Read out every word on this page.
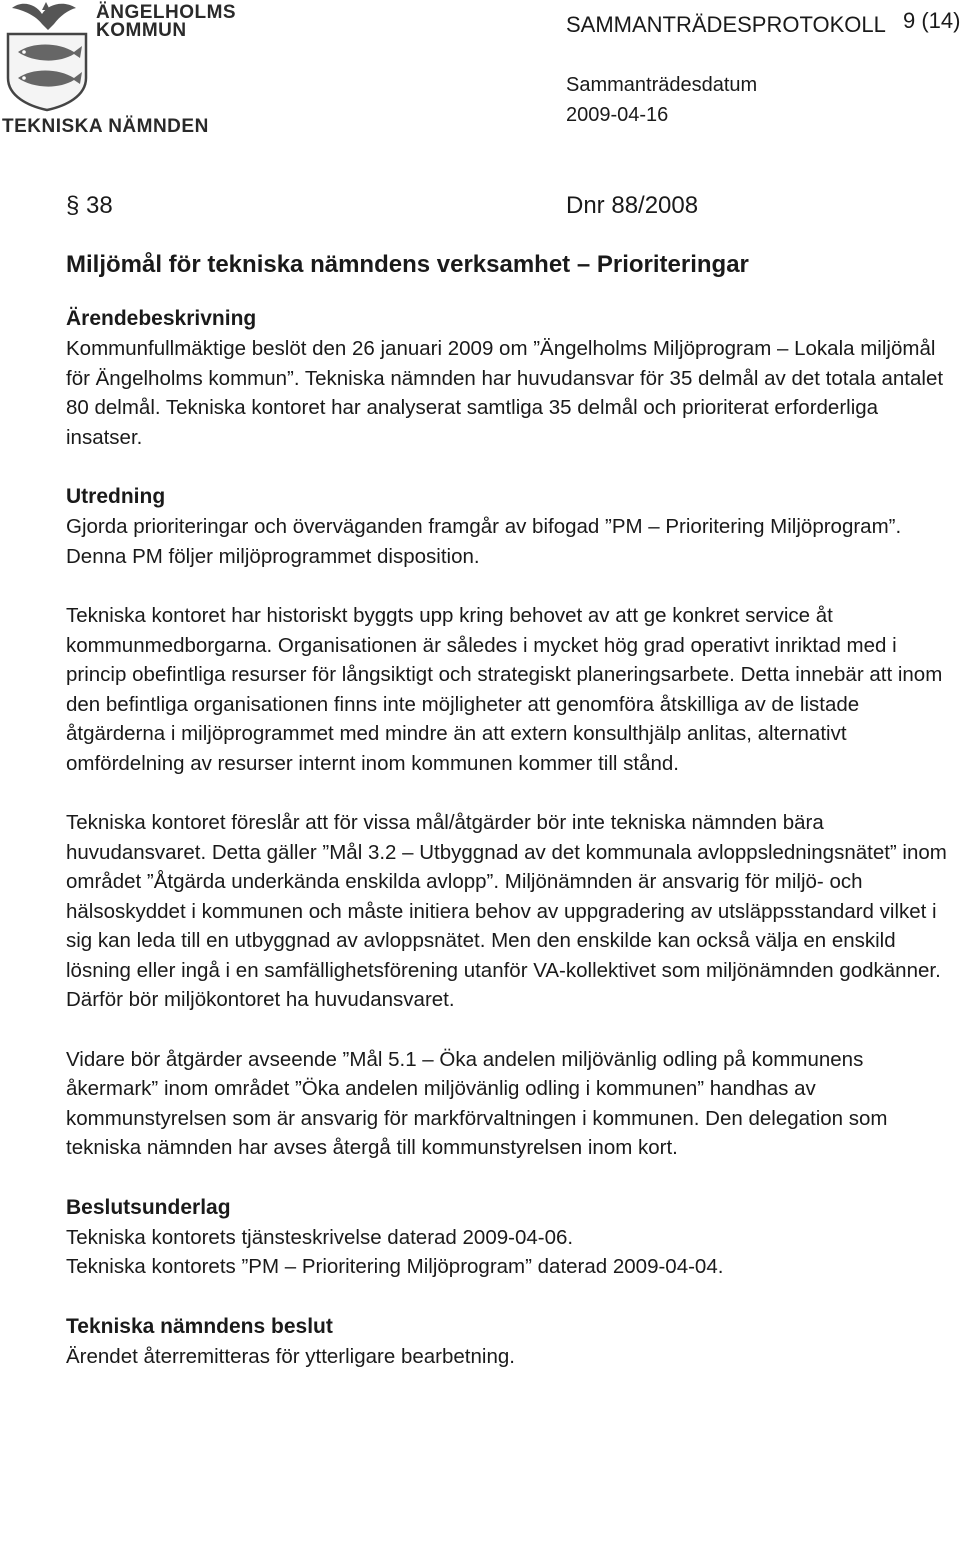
ÄNGELHOLMS
KOMMUN
TEKNISKA NÄMNDEN
SAMMANTRÄDESPROTOKOLL 9 (14)
Sammanträdesdatum
2009-04-16
§ 38	Dnr 88/2008
Miljömål för tekniska nämndens verksamhet – Prioriteringar
Ärendebeskrivning

Kommunfullmäktige beslöt den 26 januari 2009 om ”Ängelholms Miljöprogram – Lokala miljömål för Ängelholms kommun”. Tekniska nämnden har huvudansvar för 35 delmål av det totala antalet 80 delmål. Tekniska kontoret har analyserat samtliga 35 delmål och prioriterat erforderliga insatser.

Utredning

Gjorda prioriteringar och överväganden framgår av bifogad ”PM – Prioritering Miljöprogram”. Denna PM följer miljöprogrammet disposition.

Tekniska kontoret har historiskt byggts upp kring behovet av att ge konkret service åt kommunmedborgarna. Organisationen är således i mycket hög grad operativt inriktad med i princip obefintliga resurser för långsiktigt och strategiskt planeringsarbete. Detta innebär att inom den befintliga organisationen finns inte möjligheter att genomföra åtskilliga av de listade åtgärderna i miljöprogrammet med mindre än att extern konsulthjälp anlitas, alternativt omfördelning av resurser internt inom kommunen kommer till stånd.

Tekniska kontoret föreslår att för vissa mål/åtgärder bör inte tekniska nämnden bära huvudansvaret. Detta gäller ”Mål 3.2 – Utbyggnad av det kommunala avloppsledningsnätet” inom området ”Åtgärda underkända enskilda avlopp”. Miljönämnden är ansvarig för miljö- och hälsoskyddet i kommunen och måste initiera behov av uppgradering av utsläppsstandard vilket i sig kan leda till en utbyggnad av avloppsnätet. Men den enskilde kan också välja en enskild lösning eller ingå i en samfällighetsförening utanför VA-kollektivet som miljönämnden godkänner. Därför bör miljökontoret ha huvudansvaret.

Vidare bör åtgärder avseende ”Mål 5.1 – Öka andelen miljövänlig odling på kommunens åkermark” inom området ”Öka andelen miljövänlig odling i kommunen” handhas av kommunstyrelsen som är ansvarig för markförvaltningen i kommunen. Den delegation som tekniska nämnden har avses återgå till kommunstyrelsen inom kort.

Beslutsunderlag

Tekniska kontorets tjänsteskrivelse daterad 2009-04-06.

Tekniska kontorets ”PM – Prioritering Miljöprogram” daterad 2009-04-04.

Tekniska nämndens beslut

Ärendet återremitteras för ytterligare bearbetning.
